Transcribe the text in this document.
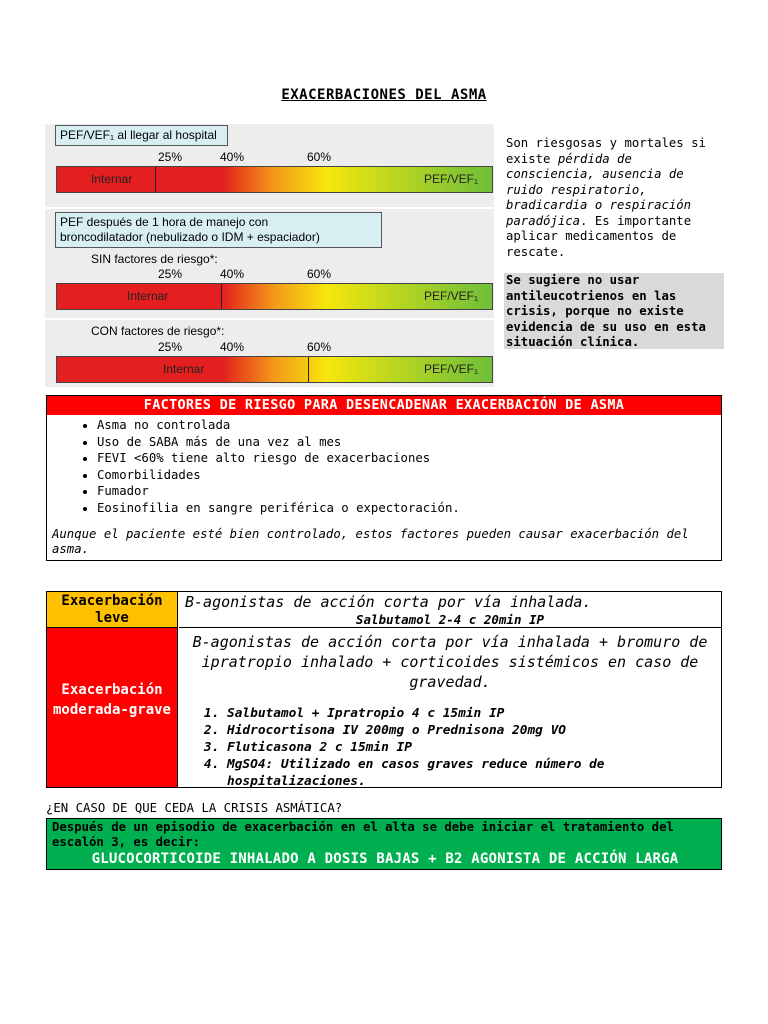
EXACERBACIONES DEL ASMA
PEF/VEF₁ al llegar al hospital
25%	40%	60%
Internar	PEF/VEF₁
PEF después de 1 hora de manejo con
broncodilatador (nebulizado o IDM + espaciador)
SIN factores de riesgo*:
25%	40%	60%
Internar	PEF/VEF₁
CON factores de riesgo*:
25%	40%	60%
Internar	PEF/VEF₁
Son riesgosas y mortales si existe pérdida de consciencia, ausencia de ruido respiratorio, bradicardia o respiración paradójica. Es importante aplicar medicamentos de rescate.
Se sugiere no usar antileucotrienos en las crisis, porque no existe evidencia de su uso en esta situación clínica.
FACTORES DE RIESGO PARA DESENCADENAR EXACERBACIÓN DE ASMA
• Asma no controlada
• Uso de SABA más de una vez al mes
• FEVI <60% tiene alto riesgo de exacerbaciones
• Comorbilidades
• Fumador
• Eosinofilia en sangre periférica o expectoración.
Aunque el paciente esté bien controlado, estos factores pueden causar exacerbación del asma.
Exacerbación leve
B-agonistas de acción corta por vía inhalada.
Salbutamol 2-4 c 20min IP
Exacerbación moderada-grave
B-agonistas de acción corta por vía inhalada + bromuro de ipratropio inhalado + corticoides sistémicos en caso de gravedad.
1. Salbutamol + Ipratropio 4 c 15min IP
2. Hidrocortisona IV 200mg o Prednisona 20mg VO
3. Fluticasona 2 c 15min IP
4. MgSO4: Utilizado en casos graves reduce número de hospitalizaciones.
¿EN CASO DE QUE CEDA LA CRISIS ASMÁTICA?
Después de un episodio de exacerbación en el alta se debe iniciar el tratamiento del escalón 3, es decir:
GLUCOCORTICOIDE INHALADO A DOSIS BAJAS + B2 AGONISTA DE ACCIÓN LARGA
